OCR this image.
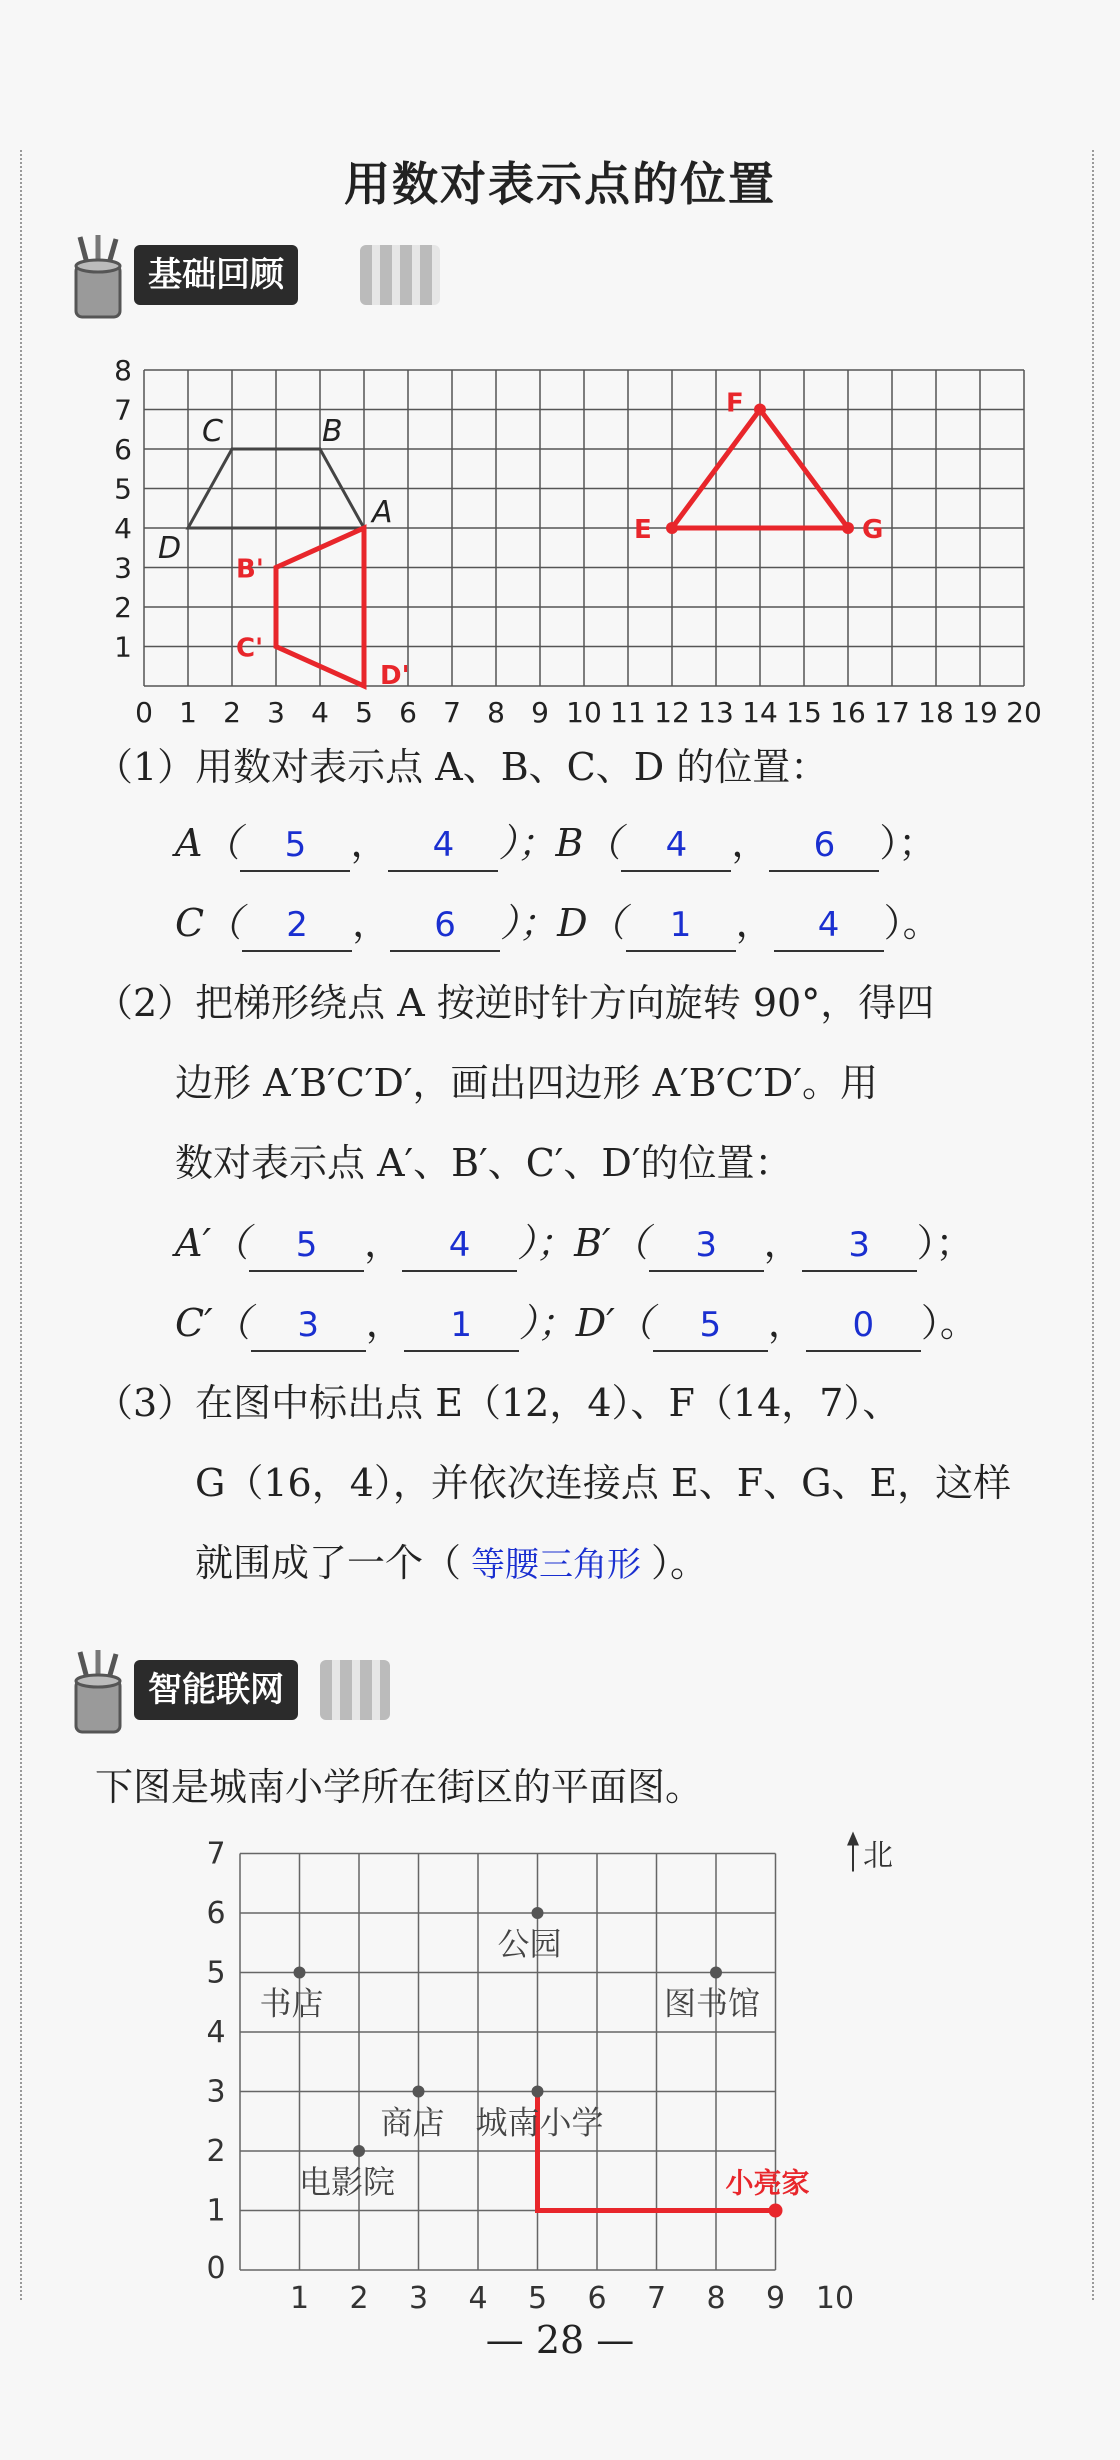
用数对表示点的位置
基础回顾
0 1 2 3 4 5 6 7 8 9 10 11 12 13 14 15 16 17 18 19 20
1
2
3
4
5
6
7
8
A
B
C
D
B'
C'
D'
E
F
G
（1）用数对表示点 A、B、C、D 的位置：
A（ 5 ， 4 ）；B（ 4 ， 6 ）；
C（ 2 ， 6 ）；D（ 1 ， 4 ）。
（2）把梯形绕点 A 按逆时针方向旋转 90°，得四
边形 A′B′C′D′，画出四边形 A′B′C′D′。用
数对表示点 A′、B′、C′、D′的位置：
A′（ 5 ， 4 ）；B′（ 3 ， 3 ）；
C′（ 3 ， 1 ）；D′（ 5 ， 0 ）。
（3）在图中标出点 E（12，4）、F（14，7）、
G（16，4），并依次连接点 E、F、G、E，这样
就围成了一个（ 等腰三角形 ）。
智能联网
下图是城南小学所在街区的平面图。
1 2 3 4 5 6 7 8 9 10
0
1
2
3
4
5
6
7	北
书店
公园
图书馆
商店 城南小学
电影院	小亮家
— 28 —
